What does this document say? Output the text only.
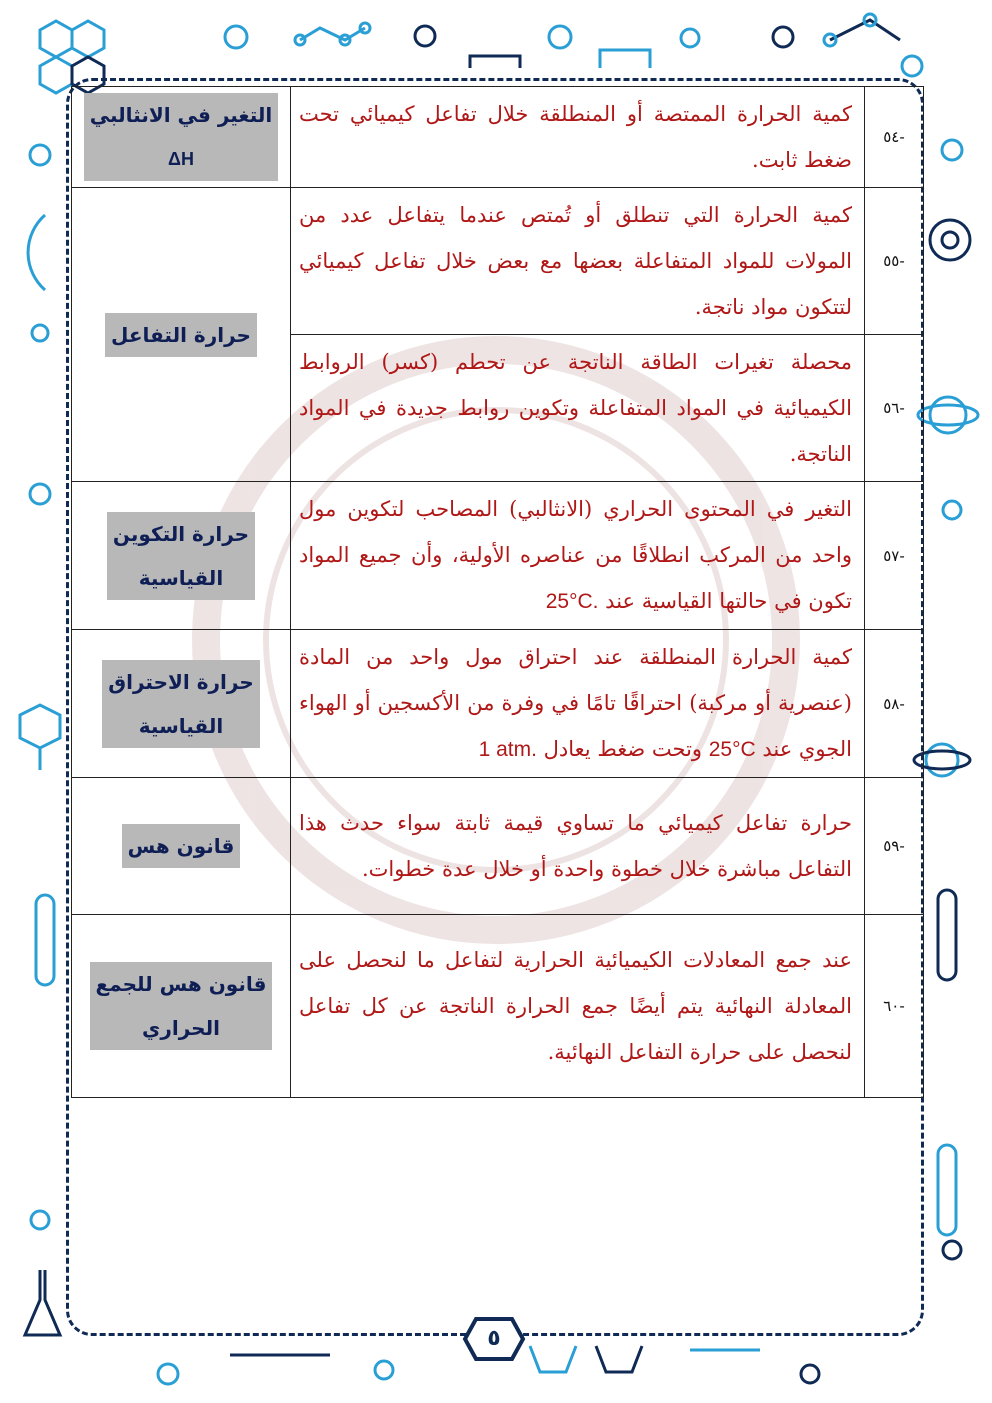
-٥٤	كمية الحرارة الممتصة أو المنطلقة خلال تفاعل كيميائي تحت ضغط ثابت.	التغير في الانثالبي
ΔH

-٥٥	كمية الحرارة التي تنطلق أو تُمتص عندما يتفاعل عدد من المولات للمواد المتفاعلة بعضها مع بعض خلال تفاعل كيميائي لتتكون مواد ناتجة.	حرارة التفاعل

-٥٦	محصلة تغيرات الطاقة الناتجة عن تحطم (كسر) الروابط الكيميائية في المواد المتفاعلة وتكوين روابط جديدة في المواد الناتجة.	
-٥٧	التغير في المحتوى الحراري (الانثالبي) المصاحب لتكوين مول واحد من المركب انطلاقًا من عناصره الأولية، وأن جميع المواد تكون في حالتها القياسية عند 25°C.	حرارة التكوين
القياسية

-٥٨	كمية الحرارة المنطلقة عند احتراق مول واحد من المادة (عنصرية أو مركبة) احتراقًا تامًا في وفرة من الأكسجين أو الهواء الجوي عند 25°C وتحت ضغط يعادل 1 atm.	حرارة الاحتراق
القياسية

-٥٩	حرارة تفاعل كيميائي ما تساوي قيمة ثابتة سواء حدث هذا التفاعل مباشرة خلال خطوة واحدة أو خلال عدة خطوات.	قانون هس

-٦٠	عند جمع المعادلات الكيميائية الحرارية لتفاعل ما لنحصل على المعادلة النهائية يتم أيضًا جمع الحرارة الناتجة عن كل تفاعل لنحصل على حرارة التفاعل النهائية.	قانون هس للجمع
الحراري
٥
